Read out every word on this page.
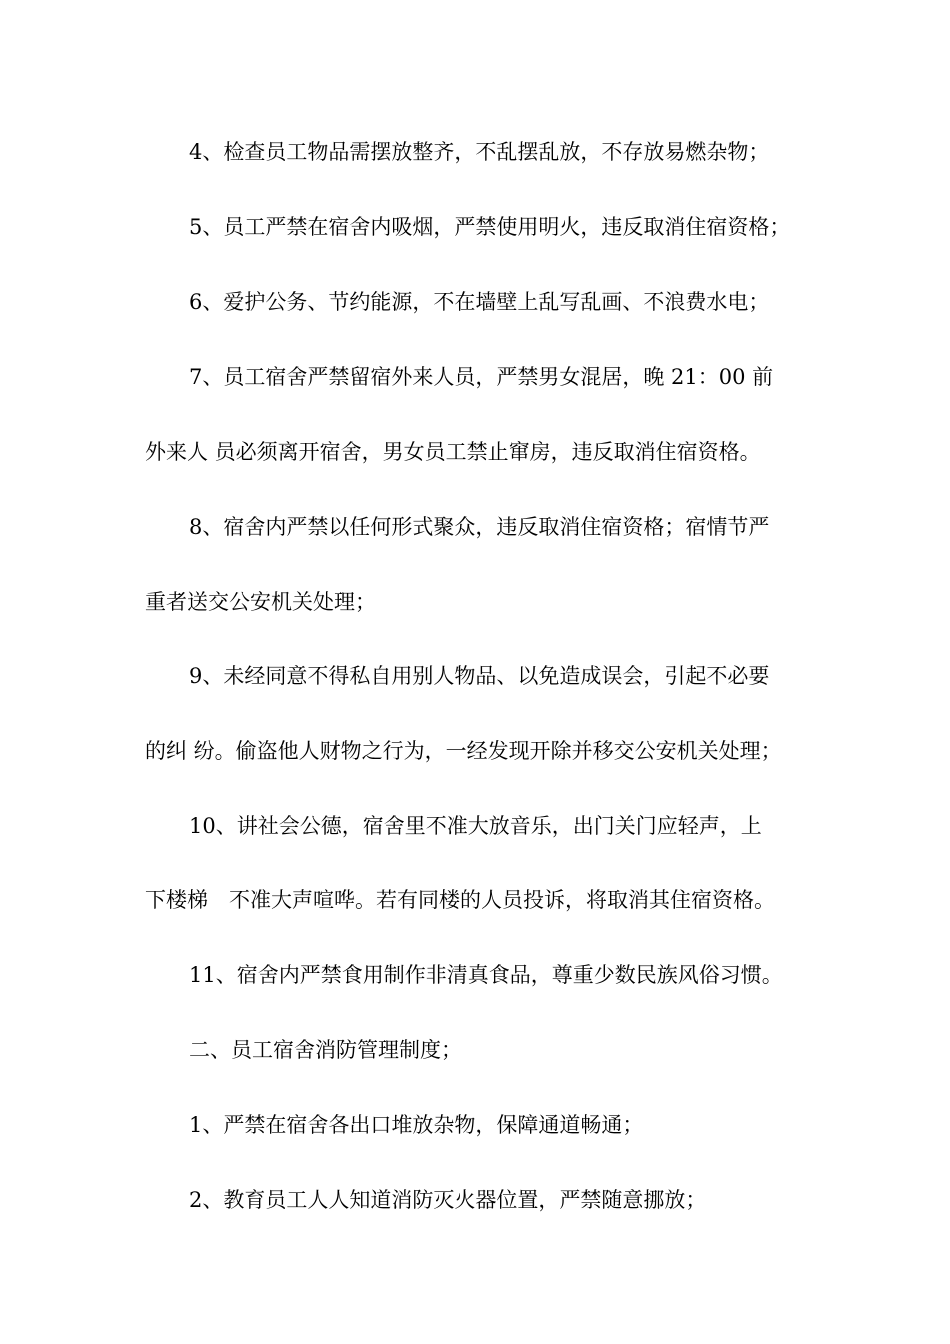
4、检查员工物品需摆放整齐，不乱摆乱放，不存放易燃杂物；
5、员工严禁在宿舍内吸烟，严禁使用明火，违反取消住宿资格；
6、爱护公务、节约能源，不在墙壁上乱写乱画、不浪费水电；
7、员工宿舍严禁留宿外来人员，严禁男女混居，晚 21：00 前
外来人 员必须离开宿舍，男女员工禁止窜房，违反取消住宿资格。
8、宿舍内严禁以任何形式聚众，违反取消住宿资格；宿情节严
重者送交公安机关处理；
9、未经同意不得私自用别人物品、以免造成误会，引起不必要
的纠 纷。偷盗他人财物之行为，一经发现开除并移交公安机关处理；
10、讲社会公德，宿舍里不准大放音乐，出门关门应轻声，上
下楼梯　不准大声喧哗。若有同楼的人员投诉，将取消其住宿资格。
11、宿舍内严禁食用制作非清真食品，尊重少数民族风俗习惯。
二、员工宿舍消防管理制度；
1、严禁在宿舍各出口堆放杂物，保障通道畅通；
2、教育员工人人知道消防灭火器位置，严禁随意挪放；
